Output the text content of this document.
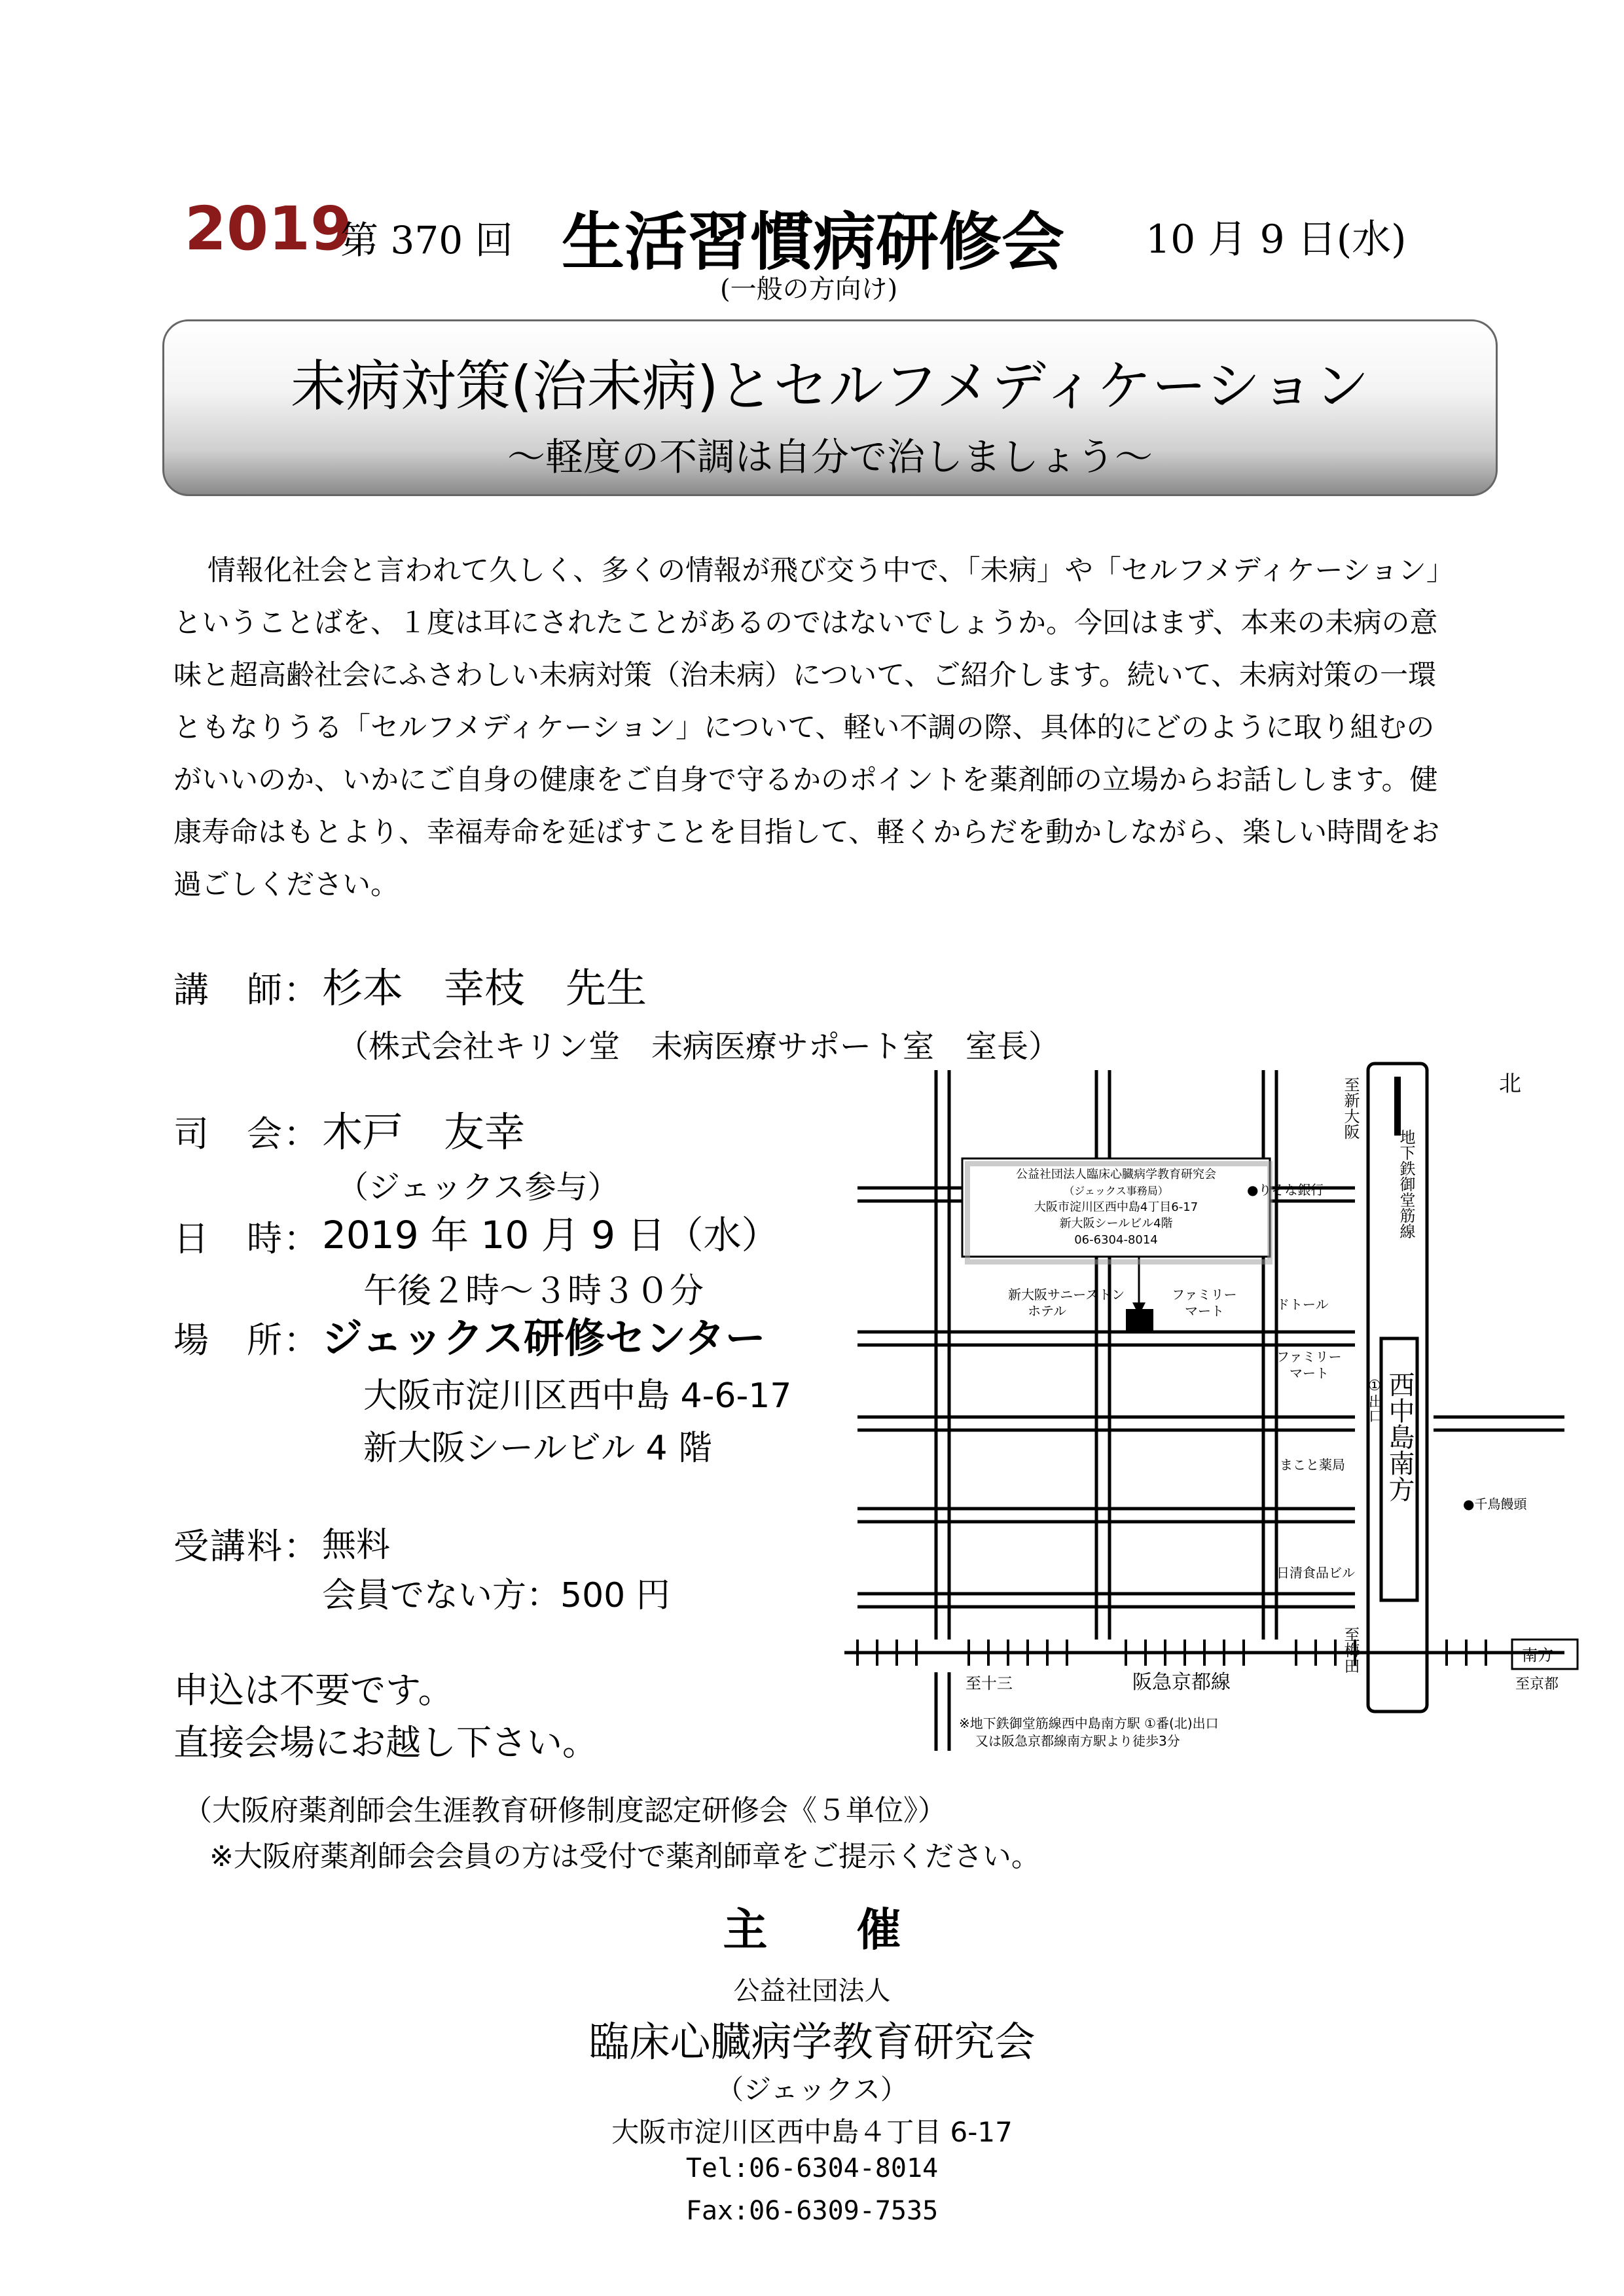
2019
第 370 回 生活習慣病研修会 10 月 9 日(水)
(一般の方向け)
未病対策(治未病)とセルフメディケーション
〜軽度の不調は自分で治しましょう〜
情報化社会と言われて久しく、多くの情報が飛び交う中で、「未病」や「セルフメディケーション」ということばを、１度は耳にされたことがあるのではないでしょうか。今回はまず、本来の未病の意味と超高齢社会にふさわしい未病対策（治未病）について、ご紹介します。続いて、未病対策の一環ともなりうる「セルフメディケーション」について、軽い不調の際、具体的にどのように取り組むのがいいのか、いかにご自身の健康をご自身で守るかのポイントを薬剤師の立場からお話しします。健康寿命はもとより、幸福寿命を延ばすことを目指して、軽くからだを動かしながら、楽しい時間をお過ごしください。
講　師： 杉本　幸枝　先生
（株式会社キリン堂　未病医療サポート室　室長）
司　会： 木戸　友幸
（ジェックス参与）
日　時： 2019 年 10 月 9 日（水）
午後２時〜３時３０分
場　所： ジェックス研修センター
大阪市淀川区西中島 4-6-17
新大阪シールビル 4 階
受講料： 無料
会員でない方：500 円
申込は不要です。
直接会場にお越し下さい。
（大阪府薬剤師会生涯教育研修制度認定研修会《５単位》）
※大阪府薬剤師会会員の方は受付で薬剤師章をご提示ください。
公益社団法人臨床心臓病学教育研究会
（ジェックス事務局）
大阪市淀川区西中島4丁目6-17
新大阪シールビル4階
06-6304-8014
北
●りそな銀行
新大阪サニーストン
ホテル
ファミリー
マート	ドトール
ファミリー
マート
まこと薬局
●千鳥饅頭
日清食品ビル
至十三	阪急京都線
南方
至京都
※地下鉄御堂筋線西中島南方駅 ①番(北)出口
又は阪急京都線南方駅より徒歩3分
至新大阪
地下鉄御堂筋線
①出口 西中島南方
至梅田
主　　催
公益社団法人
臨床心臓病学教育研究会
（ジェックス）
大阪市淀川区西中島４丁目 6-17
Tel:06-6304-8014
Fax:06-6309-7535
